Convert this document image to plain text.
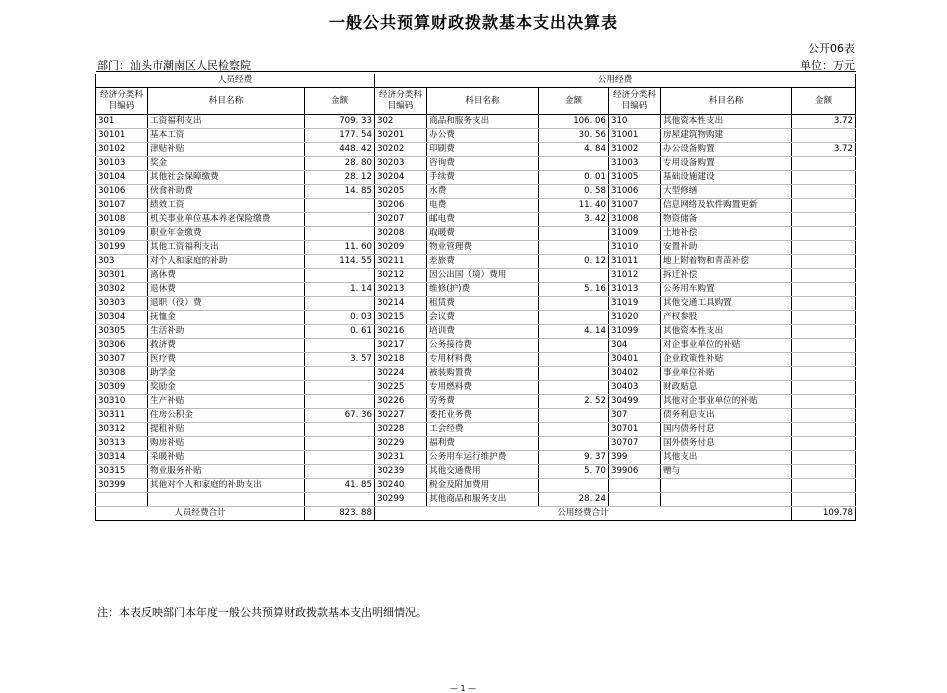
一般公共预算财政拨款基本支出决算表
公开06表
部门：汕头市潮南区人民检察院	单位：万元
人员经费			公用经费					
经济分类科目编码	科目名称	金额	经济分类科目编码	科目名称	金额	经济分类科目编码	科目名称	金额
301	工资福利支出	709. 33	302	商品和服务支出	106. 06	310	其他资本性支出	3.72
30101	基本工资	177. 54	30201	办公费	30. 56	31001	房屋建筑物购建	
30102	津贴补贴	448. 42	30202	印刷费	4. 84	31002	办公设备购置	3.72
30103	奖金	28. 80	30203	咨询费		31003	专用设备购置	
30104	其他社会保障缴费	28. 12	30204	手续费	0. 01	31005	基础设施建设	
30106	伙食补助费	14. 85	30205	水费	0. 58	31006	大型修缮	
30107	绩效工资		30206	电费	11. 40	31007	信息网络及软件购置更新	
30108	机关事业单位基本养老保险缴费		30207	邮电费	3. 42	31008	物资储备	
30109	职业年金缴费		30208	取暖费		31009	土地补偿	
30199	其他工资福利支出	11. 60	30209	物业管理费		31010	安置补助	
303	对个人和家庭的补助	114. 55	30211	差旅费	0. 12	31011	地上附着物和青苗补偿	
30301	离休费		30212	因公出国（境）费用		31012	拆迁补偿	
30302	退休费	1. 14	30213	维修(护)费	5. 16	31013	公务用车购置	
30303	退职（役）费		30214	租赁费		31019	其他交通工具购置	
30304	抚恤金	0. 03	30215	会议费		31020	产权参股	
30305	生活补助	0. 61	30216	培训费	4. 14	31099	其他资本性支出	
30306	救济费		30217	公务接待费		304	对企事业单位的补贴	
30307	医疗费	3. 57	30218	专用材料费		30401	企业政策性补贴	
30308	助学金		30224	被装购置费		30402	事业单位补贴	
30309	奖励金		30225	专用燃料费		30403	财政贴息	
30310	生产补贴		30226	劳务费	2. 52	30499	其他对企事业单位的补贴	
30311	住房公积金	67. 36	30227	委托业务费		307	债务利息支出	
30312	提租补贴		30228	工会经费		30701	国内债务付息	
30313	购房补贴		30229	福利费		30707	国外债务付息	
30314	采暖补贴		30231	公务用车运行维护费	9. 37	399	其他支出	
30315	物业服务补贴		30239	其他交通费用	5. 70	39906	赠与	
30399	其他对个人和家庭的补助支出	41. 85	30240	税金及附加费用				
			30299	其他商品和服务支出	28. 24			
人员经费合计		823. 88	公用经费合计					109.78
注：本表反映部门本年度一般公共预算财政拨款基本支出明细情况。
— 1 —
